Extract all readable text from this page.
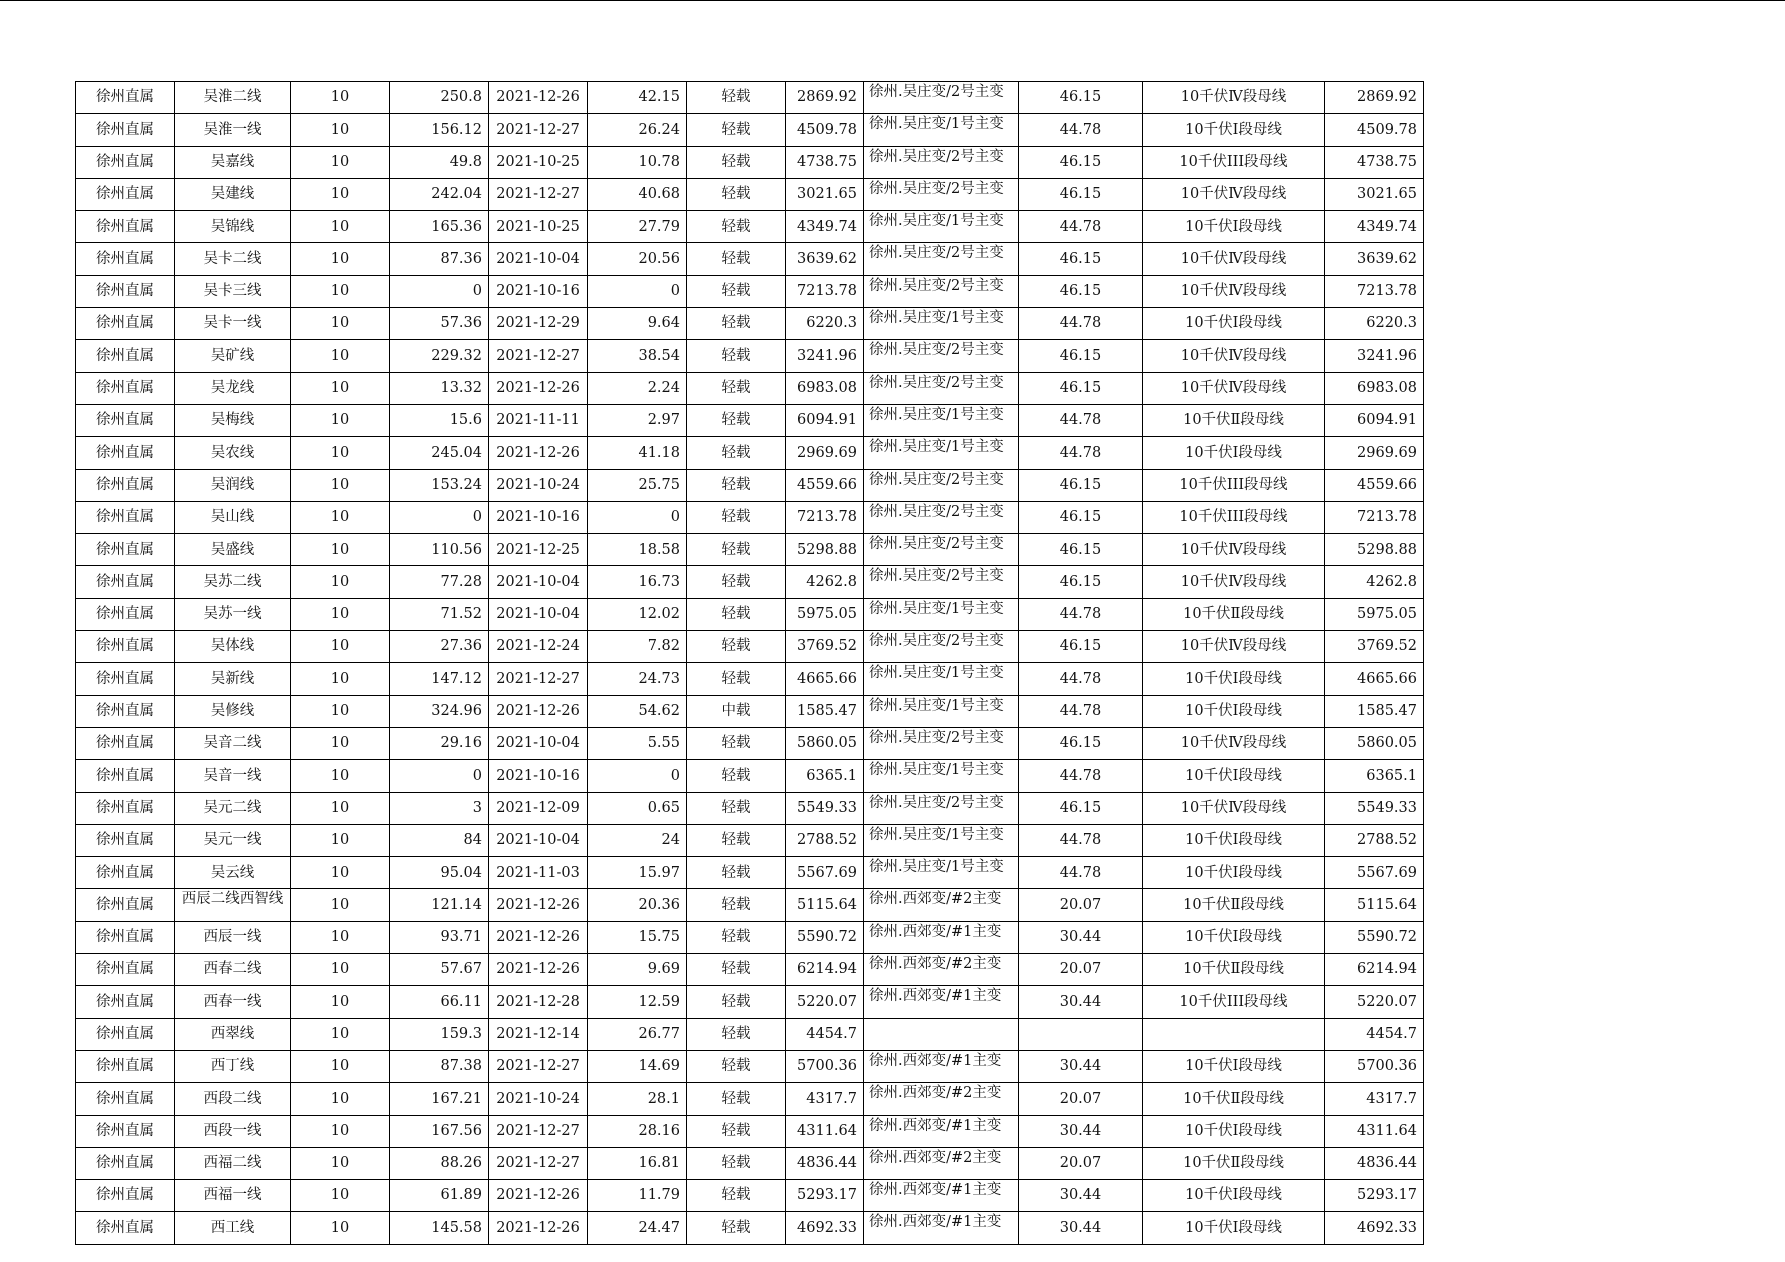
徐州直属	吴淮二线	10	250.8	2021-12-26	42.15	轻载	2869.92	徐州.吴庄变/2号主变	46.15	10千伏Ⅳ段母线	2869.92
徐州直属	吴淮一线	10	156.12	2021-12-27	26.24	轻载	4509.78	徐州.吴庄变/1号主变	44.78	10千伏Ⅰ段母线	4509.78
徐州直属	吴嘉线	10	49.8	2021-10-25	10.78	轻载	4738.75	徐州.吴庄变/2号主变	46.15	10千伏III段母线	4738.75
徐州直属	吴建线	10	242.04	2021-12-27	40.68	轻载	3021.65	徐州.吴庄变/2号主变	46.15	10千伏Ⅳ段母线	3021.65
徐州直属	吴锦线	10	165.36	2021-10-25	27.79	轻载	4349.74	徐州.吴庄变/1号主变	44.78	10千伏Ⅰ段母线	4349.74
徐州直属	吴卡二线	10	87.36	2021-10-04	20.56	轻载	3639.62	徐州.吴庄变/2号主变	46.15	10千伏Ⅳ段母线	3639.62
徐州直属	吴卡三线	10	0	2021-10-16	0	轻载	7213.78	徐州.吴庄变/2号主变	46.15	10千伏Ⅳ段母线	7213.78
徐州直属	吴卡一线	10	57.36	2021-12-29	9.64	轻载	6220.3	徐州.吴庄变/1号主变	44.78	10千伏Ⅰ段母线	6220.3
徐州直属	吴矿线	10	229.32	2021-12-27	38.54	轻载	3241.96	徐州.吴庄变/2号主变	46.15	10千伏Ⅳ段母线	3241.96
徐州直属	吴龙线	10	13.32	2021-12-26	2.24	轻载	6983.08	徐州.吴庄变/2号主变	46.15	10千伏Ⅳ段母线	6983.08
徐州直属	吴梅线	10	15.6	2021-11-11	2.97	轻载	6094.91	徐州.吴庄变/1号主变	44.78	10千伏Ⅱ段母线	6094.91
徐州直属	吴农线	10	245.04	2021-12-26	41.18	轻载	2969.69	徐州.吴庄变/1号主变	44.78	10千伏Ⅰ段母线	2969.69
徐州直属	吴润线	10	153.24	2021-10-24	25.75	轻载	4559.66	徐州.吴庄变/2号主变	46.15	10千伏III段母线	4559.66
徐州直属	吴山线	10	0	2021-10-16	0	轻载	7213.78	徐州.吴庄变/2号主变	46.15	10千伏III段母线	7213.78
徐州直属	吴盛线	10	110.56	2021-12-25	18.58	轻载	5298.88	徐州.吴庄变/2号主变	46.15	10千伏Ⅳ段母线	5298.88
徐州直属	吴苏二线	10	77.28	2021-10-04	16.73	轻载	4262.8	徐州.吴庄变/2号主变	46.15	10千伏Ⅳ段母线	4262.8
徐州直属	吴苏一线	10	71.52	2021-10-04	12.02	轻载	5975.05	徐州.吴庄变/1号主变	44.78	10千伏Ⅱ段母线	5975.05
徐州直属	吴体线	10	27.36	2021-12-24	7.82	轻载	3769.52	徐州.吴庄变/2号主变	46.15	10千伏Ⅳ段母线	3769.52
徐州直属	吴新线	10	147.12	2021-12-27	24.73	轻载	4665.66	徐州.吴庄变/1号主变	44.78	10千伏Ⅰ段母线	4665.66
徐州直属	吴修线	10	324.96	2021-12-26	54.62	中载	1585.47	徐州.吴庄变/1号主变	44.78	10千伏Ⅰ段母线	1585.47
徐州直属	吴音二线	10	29.16	2021-10-04	5.55	轻载	5860.05	徐州.吴庄变/2号主变	46.15	10千伏Ⅳ段母线	5860.05
徐州直属	吴音一线	10	0	2021-10-16	0	轻载	6365.1	徐州.吴庄变/1号主变	44.78	10千伏Ⅰ段母线	6365.1
徐州直属	吴元二线	10	3	2021-12-09	0.65	轻载	5549.33	徐州.吴庄变/2号主变	46.15	10千伏Ⅳ段母线	5549.33
徐州直属	吴元一线	10	84	2021-10-04	24	轻载	2788.52	徐州.吴庄变/1号主变	44.78	10千伏Ⅰ段母线	2788.52
徐州直属	吴云线	10	95.04	2021-11-03	15.97	轻载	5567.69	徐州.吴庄变/1号主变	44.78	10千伏Ⅰ段母线	5567.69
徐州直属	西辰二线西智线	10	121.14	2021-12-26	20.36	轻载	5115.64	徐州.西郊变/#2主变	20.07	10千伏Ⅱ段母线	5115.64
徐州直属	西辰一线	10	93.71	2021-12-26	15.75	轻载	5590.72	徐州.西郊变/#1主变	30.44	10千伏Ⅰ段母线	5590.72
徐州直属	西春二线	10	57.67	2021-12-26	9.69	轻载	6214.94	徐州.西郊变/#2主变	20.07	10千伏Ⅱ段母线	6214.94
徐州直属	西春一线	10	66.11	2021-12-28	12.59	轻载	5220.07	徐州.西郊变/#1主变	30.44	10千伏III段母线	5220.07
徐州直属	西翠线	10	159.3	2021-12-14	26.77	轻载	4454.7				4454.7
徐州直属	西丁线	10	87.38	2021-12-27	14.69	轻载	5700.36	徐州.西郊变/#1主变	30.44	10千伏Ⅰ段母线	5700.36
徐州直属	西段二线	10	167.21	2021-10-24	28.1	轻载	4317.7	徐州.西郊变/#2主变	20.07	10千伏Ⅱ段母线	4317.7
徐州直属	西段一线	10	167.56	2021-12-27	28.16	轻载	4311.64	徐州.西郊变/#1主变	30.44	10千伏Ⅰ段母线	4311.64
徐州直属	西福二线	10	88.26	2021-12-27	16.81	轻载	4836.44	徐州.西郊变/#2主变	20.07	10千伏Ⅱ段母线	4836.44
徐州直属	西福一线	10	61.89	2021-12-26	11.79	轻载	5293.17	徐州.西郊变/#1主变	30.44	10千伏Ⅰ段母线	5293.17
徐州直属	西工线	10	145.58	2021-12-26	24.47	轻载	4692.33	徐州.西郊变/#1主变	30.44	10千伏Ⅰ段母线	4692.33
